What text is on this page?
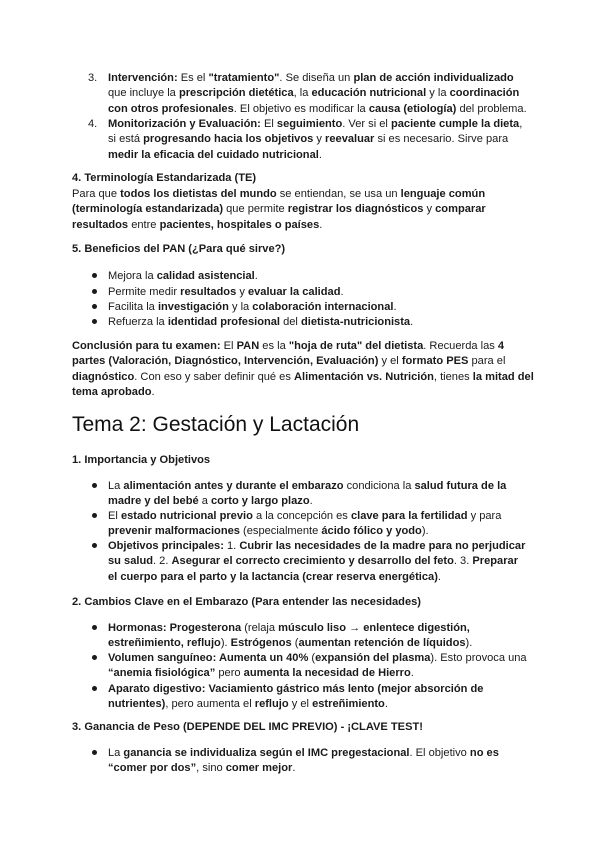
3. Intervención: Es el "tratamiento". Se diseña un plan de acción individualizado que incluye la prescripción dietética, la educación nutricional y la coordinación con otros profesionales. El objetivo es modificar la causa (etiología) del problema.
4. Monitorización y Evaluación: El seguimiento. Ver si el paciente cumple la dieta, si está progresando hacia los objetivos y reevaluar si es necesario. Sirve para medir la eficacia del cuidado nutricional.
4. Terminología Estandarizada (TE)
Para que todos los dietistas del mundo se entiendan, se usa un lenguaje común (terminología estandarizada) que permite registrar los diagnósticos y comparar resultados entre pacientes, hospitales o países.
5. Beneficios del PAN (¿Para qué sirve?)
Mejora la calidad asistencial.
Permite medir resultados y evaluar la calidad.
Facilita la investigación y la colaboración internacional.
Refuerza la identidad profesional del dietista-nutricionista.
Conclusión para tu examen: El PAN es la "hoja de ruta" del dietista. Recuerda las 4 partes (Valoración, Diagnóstico, Intervención, Evaluación) y el formato PES para el diagnóstico. Con eso y saber definir qué es Alimentación vs. Nutrición, tienes la mitad del tema aprobado.
Tema 2: Gestación y Lactación
1. Importancia y Objetivos
La alimentación antes y durante el embarazo condiciona la salud futura de la madre y del bebé a corto y largo plazo.
El estado nutricional previo a la concepción es clave para la fertilidad y para prevenir malformaciones (especialmente ácido fólico y yodo).
Objetivos principales: 1. Cubrir las necesidades de la madre para no perjudicar su salud. 2. Asegurar el correcto crecimiento y desarrollo del feto. 3. Preparar el cuerpo para el parto y la lactancia (crear reserva energética).
2. Cambios Clave en el Embarazo (Para entender las necesidades)
Hormonas: Progesterona (relaja músculo liso → enlentece digestión, estreñimiento, reflujo). Estrógenos (aumentan retención de líquidos).
Volumen sanguíneo: Aumenta un 40% (expansión del plasma). Esto provoca una “anemia fisiológica” pero aumenta la necesidad de Hierro.
Aparato digestivo: Vaciamiento gástrico más lento (mejor absorción de nutrientes), pero aumenta el reflujo y el estreñimiento.
3. Ganancia de Peso (DEPENDE DEL IMC PREVIO) - ¡CLAVE TEST!
La ganancia se individualiza según el IMC pregestacional. El objetivo no es “comer por dos”, sino comer mejor.
